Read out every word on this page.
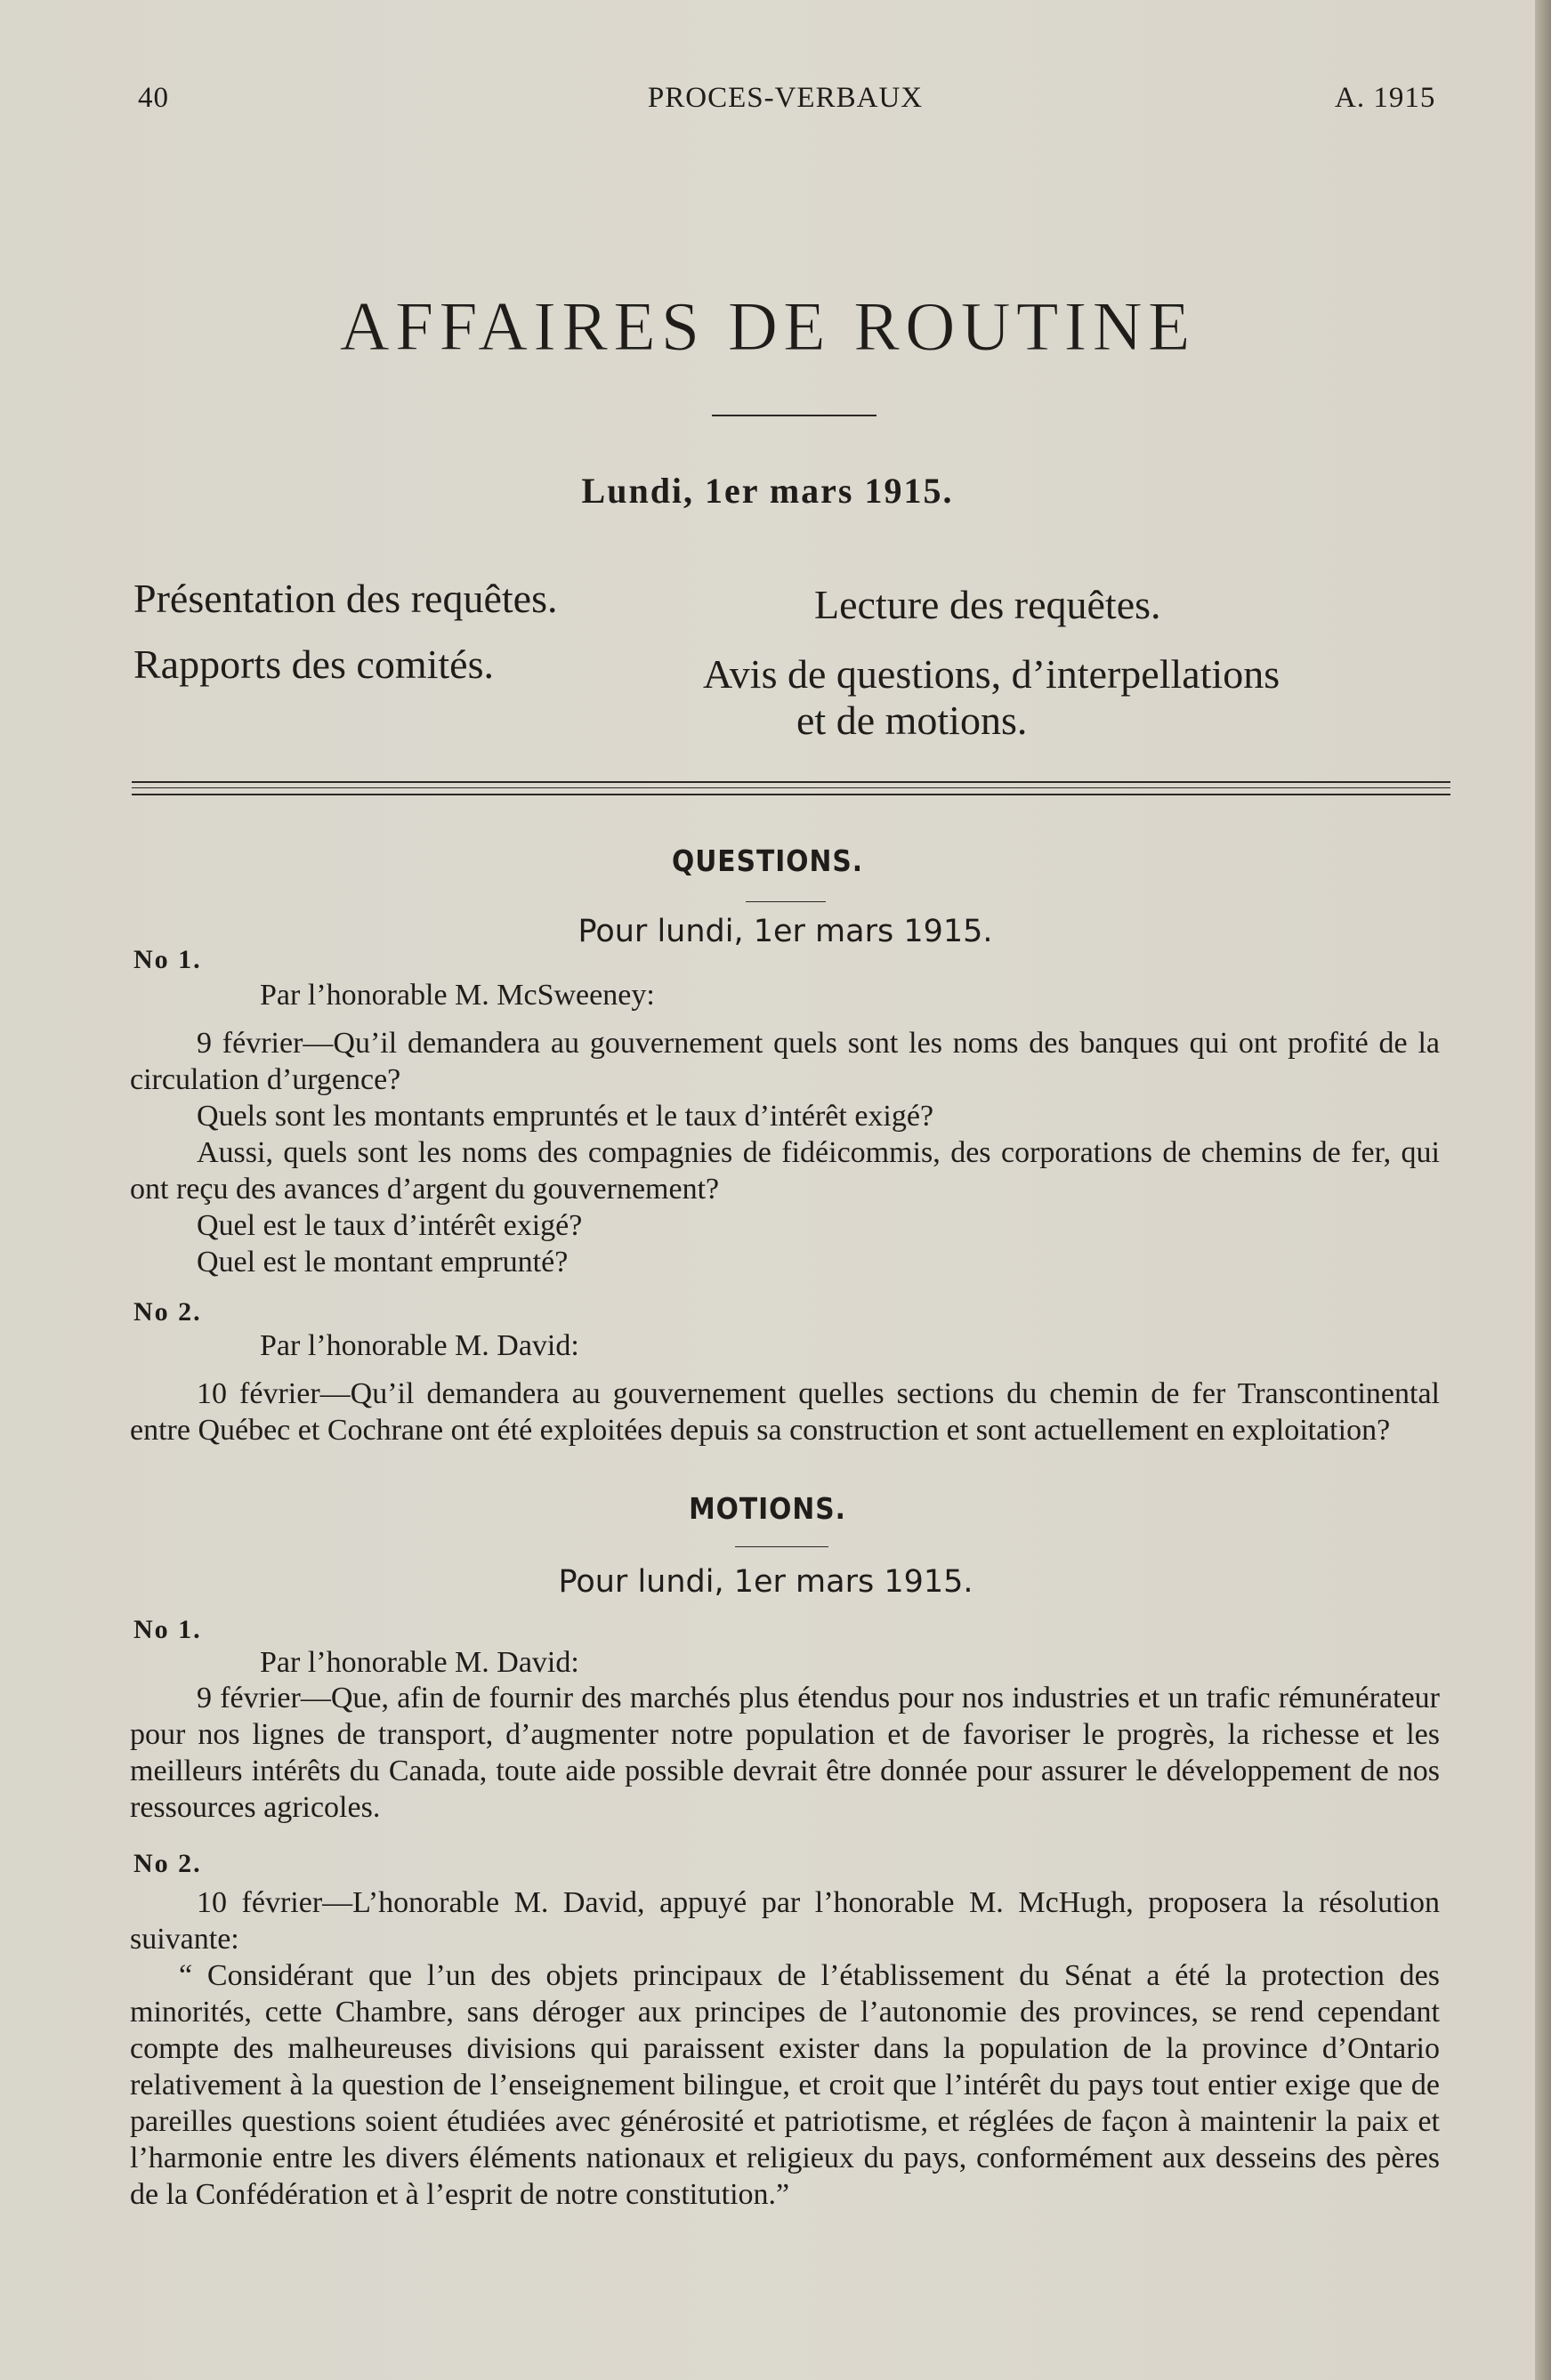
40	PROCES-VERBAUX	A. 1915
AFFAIRES DE ROUTINE
Lundi, 1er mars 1915.
Présentation des requêtes.
Rapports des comités.
Lecture des requêtes.
Avis de questions, d’interpellations
et de motions.
QUESTIONS.
Pour lundi, 1er mars 1915.
No 1.
Par l’honorable M. McSweeney:

9 février—Qu’il demandera au gouvernement quels sont les noms des banques qui ont profité de la circulation d’urgence?

Quels sont les montants empruntés et le taux d’intérêt exigé?

Aussi, quels sont les noms des compagnies de fidéicommis, des corporations de chemins de fer, qui ont reçu des avances d’argent du gouvernement?

Quel est le taux d’intérêt exigé?

Quel est le montant emprunté?

No 2.
Par l’honorable M. David:

10 février—Qu’il demandera au gouvernement quelles sections du chemin de fer Transcontinental entre Québec et Cochrane ont été exploitées depuis sa construction et sont actuellement en exploitation?

MOTIONS.
Pour lundi, 1er mars 1915.
No 1.
Par l’honorable M. David:

9 février—Que, afin de fournir des marchés plus étendus pour nos industries et un trafic rémunérateur pour nos lignes de transport, d’augmenter notre population et de favoriser le progrès, la richesse et les meilleurs intérêts du Canada, toute aide possible devrait être donnée pour assurer le développement de nos ressources agricoles.

No 2.

10 février—L’honorable M. David, appuyé par l’honorable M. McHugh, proposera la résolution suivante:

“ Considérant que l’un des objets principaux de l’établissement du Sénat a été la protection des minorités, cette Chambre, sans déroger aux principes de l’autonomie des provinces, se rend cependant compte des malheureuses divisions qui paraissent exister dans la population de la province d’Ontario relativement à la question de l’enseignement bilingue, et croit que l’intérêt du pays tout entier exige que de pareilles questions soient étudiées avec générosité et patriotisme, et réglées de façon à maintenir la paix et l’harmonie entre les divers éléments nationaux et religieux du pays, conformément aux desseins des pères de la Confédération et à l’esprit de notre constitution.”
